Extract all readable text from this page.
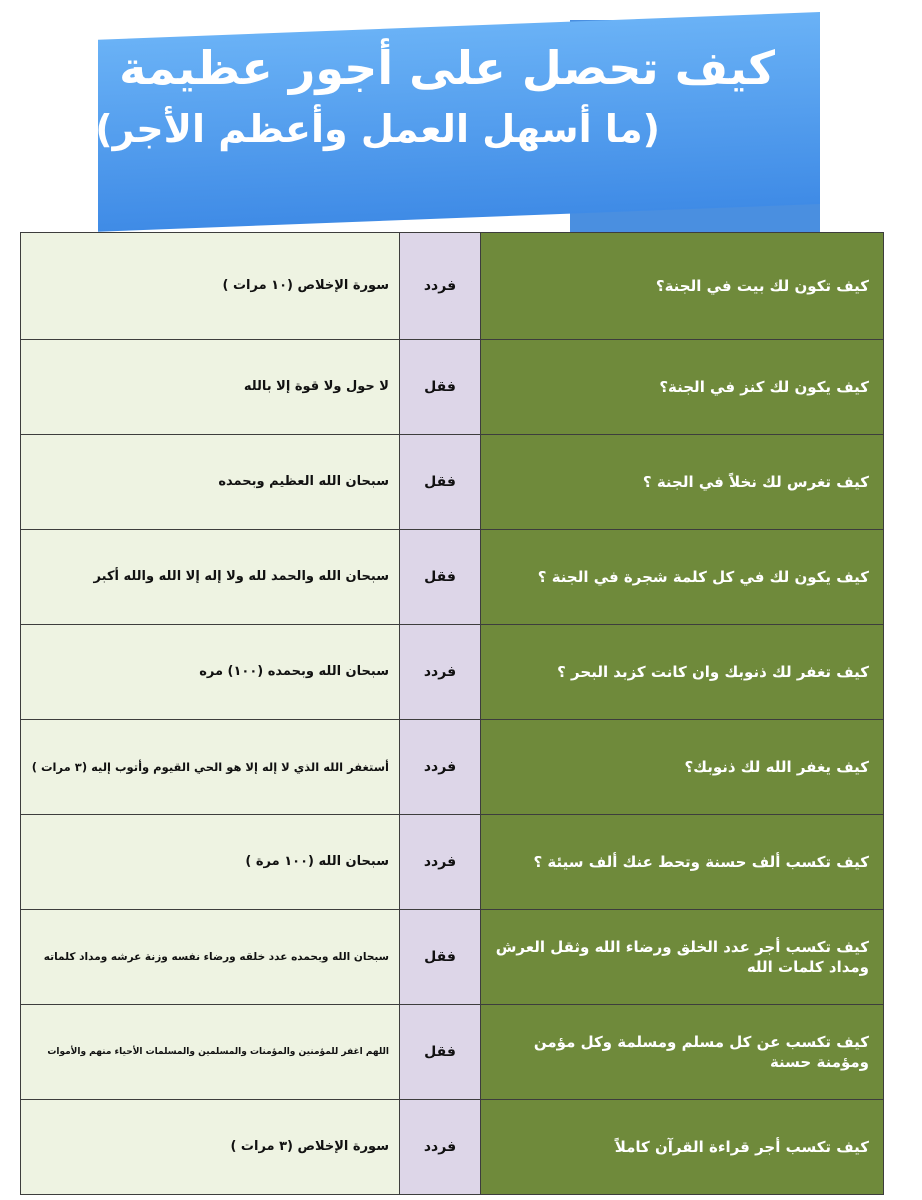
كيف تحصل على أجور عظيمة
(ما أسهل العمل وأعظم الأجر)
كيف تكون لك بيت في الجنة؟	فردد	سورة الإخلاص (١٠ مرات )
كيف يكون لك كنز في الجنة؟	فقل	لا حول ولا قوة إلا بالله
كيف تغرس لك نخلاً في الجنة ؟	فقل	سبحان الله العظيم وبحمده
كيف يكون لك في كل كلمة شجرة في الجنة ؟	فقل	سبحان الله والحمد لله ولا إله إلا الله والله أكبر
كيف تغفر لك ذنوبك وان كانت كزبد البحر ؟	فردد	سبحان الله وبحمده (١٠٠) مره
كيف يغفر الله لك ذنوبك؟	فردد	أستغفر الله الذي لا إله إلا هو الحي القيوم وأتوب إليه (٣ مرات )
كيف تكسب ألف حسنة وتحط عنك ألف سيئة ؟	فردد	سبحان الله (١٠٠ مرة )
كيف تكسب أجر عدد الخلق ورضاء الله وثقل العرش ومداد كلمات الله	فقل	سبحان الله وبحمده عدد خلقه ورضاء نفسه وزنة عرشه ومداد كلماته
كيف تكسب عن كل مسلم ومسلمة وكل مؤمن ومؤمنة حسنة	فقل	اللهم اغفر للمؤمنين والمؤمنات والمسلمين والمسلمات الأحياء منهم والأموات
كيف تكسب أجر قراءة القرآن كاملاً	فردد	سورة الإخلاص (٣ مرات )
